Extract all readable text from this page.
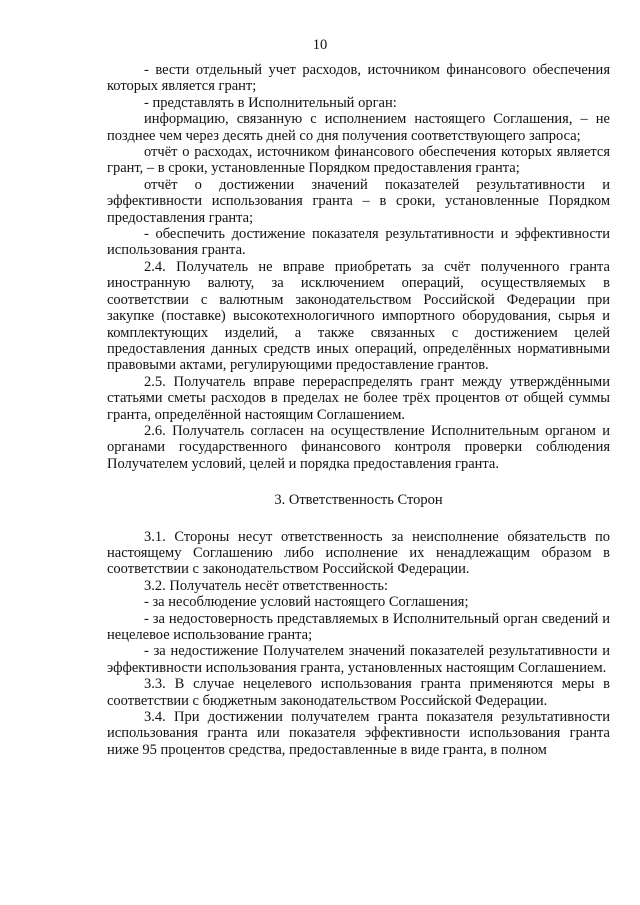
10

- вести отдельный учет расходов, источником финансового обеспечения которых является грант;

- представлять в Исполнительный орган:

информацию, связанную с исполнением настоящего Соглашения, – не позднее чем через десять дней со дня получения соответствующего запроса;

отчёт о расходах, источником финансового обеспечения которых является грант, – в сроки, установленные Порядком предоставления гранта;

отчёт о достижении значений показателей результативности и эффективности использования гранта – в сроки, установленные Порядком предоставления гранта;

- обеспечить достижение показателя результативности и эффективности использования гранта.

2.4. Получатель не вправе приобретать за счёт полученного гранта иностранную валюту, за исключением операций, осуществляемых в соответствии с валютным законодательством Российской Федерации при закупке (поставке) высокотехнологичного импортного оборудования, сырья и комплектующих изделий, а также связанных с достижением целей предоставления данных средств иных операций, определённых нормативными правовыми актами, регулирующими предоставление грантов.

2.5. Получатель вправе перераспределять грант между утверждёнными статьями сметы расходов в пределах не более трёх процентов от общей суммы гранта, определённой настоящим Соглашением.

2.6. Получатель согласен на осуществление Исполнительным органом и органами государственного финансового контроля проверки соблюдения Получателем условий, целей и порядка предоставления гранта.

3. Ответственность Сторон

3.1. Стороны несут ответственность за неисполнение обязательств по настоящему Соглашению либо исполнение их ненадлежащим образом в соответствии с законодательством Российской Федерации.

3.2. Получатель несёт ответственность:

- за несоблюдение условий настоящего Соглашения;

- за недостоверность представляемых в Исполнительный орган сведений и нецелевое использование гранта;

- за недостижение Получателем значений показателей результативности и эффективности использования гранта, установленных настоящим Соглашением.

3.3. В случае нецелевого использования гранта применяются меры в соответствии с бюджетным законодательством Российской Федерации.

3.4. При достижении получателем гранта показателя результативности использования гранта или показателя эффективности использования гранта ниже 95 процентов средства, предоставленные в виде гранта, в полном
